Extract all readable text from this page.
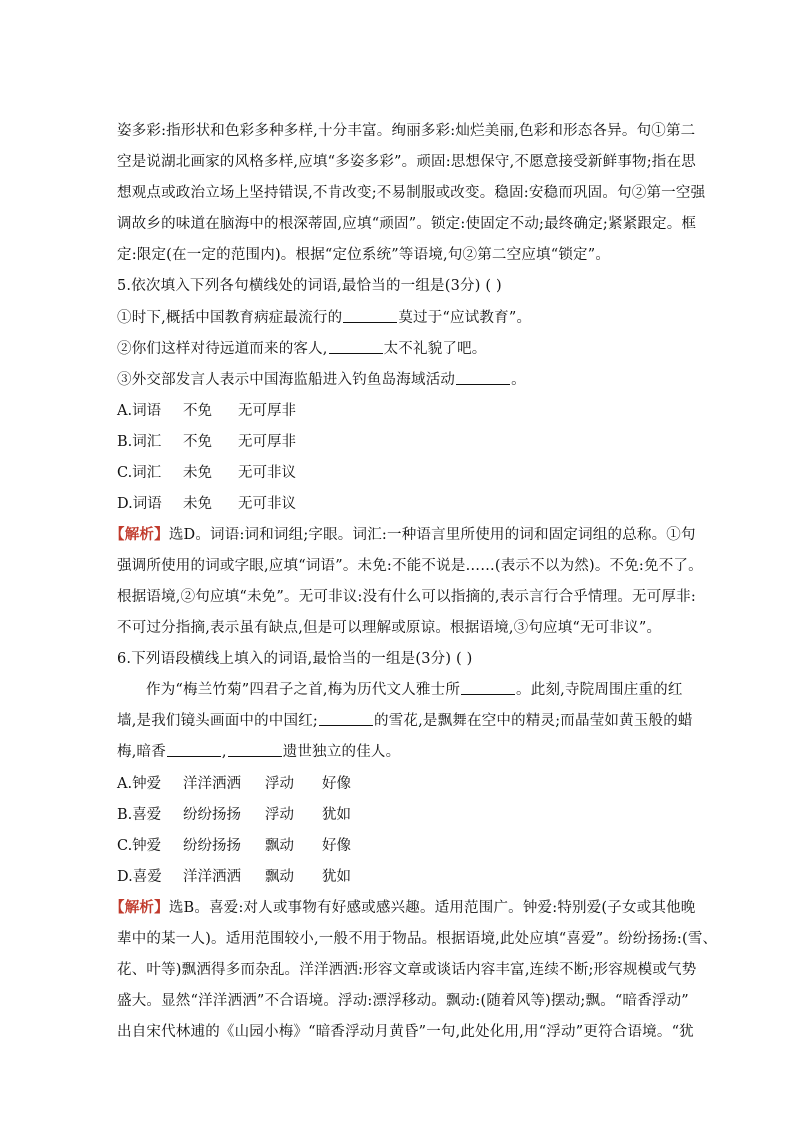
姿多彩:指形状和色彩多种多样,十分丰富。绚丽多彩:灿烂美丽,色彩和形态各异。句①第二
空是说湖北画家的风格多样,应填“多姿多彩”。顽固:思想保守,不愿意接受新鲜事物;指在思
想观点或政治立场上坚持错误,不肯改变;不易制服或改变。稳固:安稳而巩固。句②第一空强
调故乡的味道在脑海中的根深蒂固,应填“顽固”。锁定:使固定不动;最终确定;紧紧跟定。框
定:限定(在一定的范围内)。根据“定位系统”等语境,句②第二空应填“锁定”。
5.依次填入下列各句横线处的词语,最恰当的一组是(3分) ( )
①时下,概括中国教育病症最流行的	莫过于“应试教育”。
②你们这样对待远道而来的客人,	太不礼貌了吧。
③外交部发言人表示中国海监船进入钓鱼岛海域活动	。
A.词语 不免 无可厚非
B.词汇 不免 无可厚非
C.词汇 未免 无可非议
D.词语 未免 无可非议
【解析】选D。词语:词和词组;字眼。词汇:一种语言里所使用的词和固定词组的总称。①句
强调所使用的词或字眼,应填“词语”。未免:不能不说是……(表示不以为然)。不免:免不了。
根据语境,②句应填“未免”。无可非议:没有什么可以指摘的,表示言行合乎情理。无可厚非:
不可过分指摘,表示虽有缺点,但是可以理解或原谅。根据语境,③句应填“无可非议”。
6.下列语段横线上填入的词语,最恰当的一组是(3分) ( )
作为“梅兰竹菊”四君子之首,梅为历代文人雅士所	。此刻,寺院周围庄重的红
墙,是我们镜头画面中的中国红;	的雪花,是飘舞在空中的精灵;而晶莹如黄玉般的蜡
梅,暗香	,	遗世独立的佳人。
A.钟爱 洋洋洒洒 浮动 好像
B.喜爱 纷纷扬扬 浮动 犹如
C.钟爱 纷纷扬扬 飘动 好像
D.喜爱 洋洋洒洒 飘动 犹如
【解析】选B。喜爱:对人或事物有好感或感兴趣。适用范围广。钟爱:特别爱(子女或其他晚
辈中的某一人)。适用范围较小,一般不用于物品。根据语境,此处应填“喜爱”。纷纷扬扬:(雪、
花、叶等)飘洒得多而杂乱。洋洋洒洒:形容文章或谈话内容丰富,连续不断;形容规模或气势
盛大。显然“洋洋洒洒”不合语境。浮动:漂浮移动。飘动:(随着风等)摆动;飘。“暗香浮动”
出自宋代林逋的《山园小梅》“暗香浮动月黄昏”一句,此处化用,用“浮动”更符合语境。“犹
